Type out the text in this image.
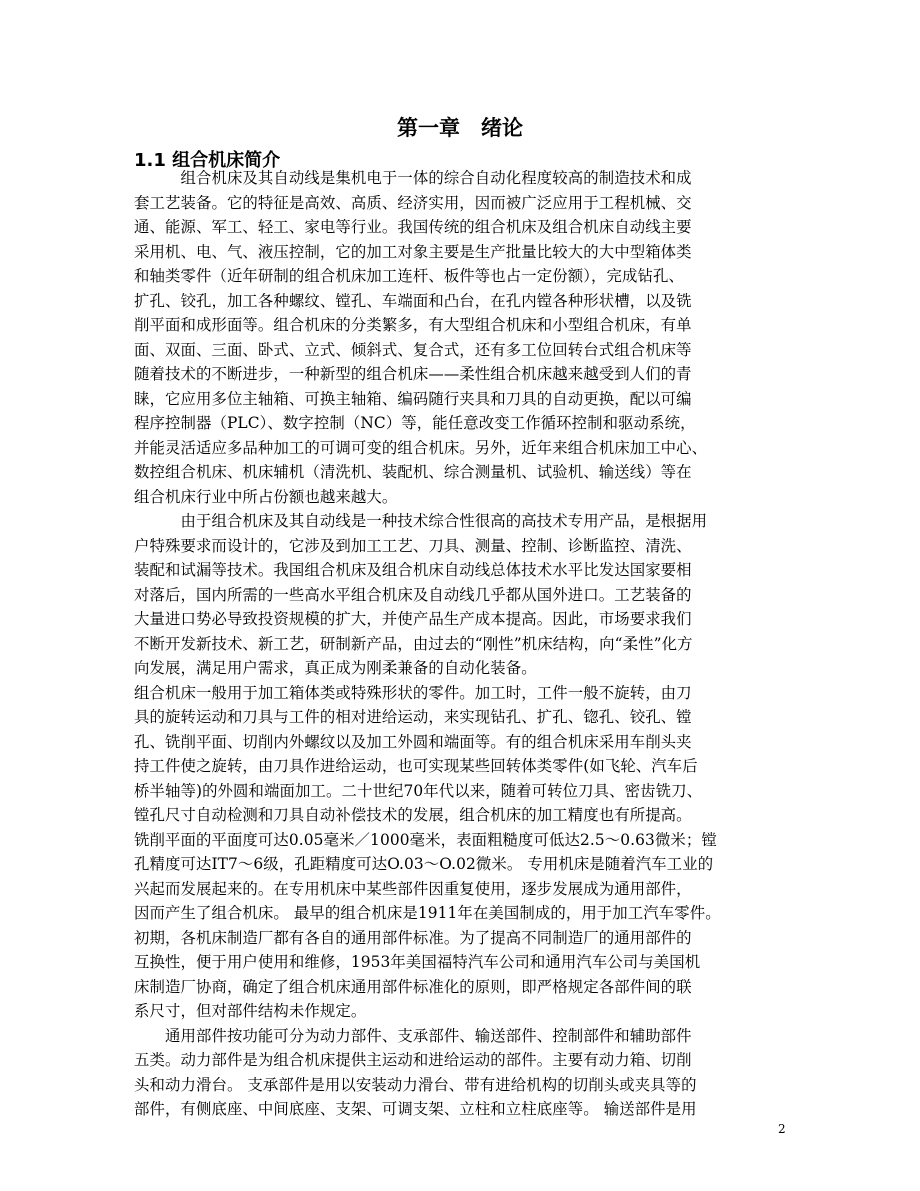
第一章　绪论
1.1 组合机床简介
　　　组合机床及其自动线是集机电于一体的综合自动化程度较高的制造技术和成
套工艺装备。它的特征是高效、高质、经济实用，因而被广泛应用于工程机械、交
通、能源、军工、轻工、家电等行业。我国传统的组合机床及组合机床自动线主要
采用机、电、气、液压控制，它的加工对象主要是生产批量比较大的大中型箱体类
和轴类零件（近年研制的组合机床加工连杆、板件等也占一定份额），完成钻孔、
扩孔、铰孔，加工各种螺纹、镗孔、车端面和凸台，在孔内镗各种形状槽，以及铣
削平面和成形面等。组合机床的分类繁多，有大型组合机床和小型组合机床，有单
面、双面、三面、卧式、立式、倾斜式、复合式，还有多工位回转台式组合机床等
随着技术的不断进步，一种新型的组合机床——柔性组合机床越来越受到人们的青
睐，它应用多位主轴箱、可换主轴箱、编码随行夹具和刀具的自动更换，配以可编
程序控制器（PLC）、数字控制（NC）等，能任意改变工作循环控制和驱动系统，
并能灵活适应多品种加工的可调可变的组合机床。另外，近年来组合机床加工中心、
数控组合机床、机床辅机（清洗机、装配机、综合测量机、试验机、输送线）等在
组合机床行业中所占份额也越来越大。
　　　由于组合机床及其自动线是一种技术综合性很高的高技术专用产品，是根据用
户特殊要求而设计的，它涉及到加工工艺、刀具、测量、控制、诊断监控、清洗、
装配和试漏等技术。我国组合机床及组合机床自动线总体技术水平比发达国家要相
对落后，国内所需的一些高水平组合机床及自动线几乎都从国外进口。工艺装备的
大量进口势必导致投资规模的扩大，并使产品生产成本提高。因此，市场要求我们
不断开发新技术、新工艺，研制新产品，由过去的“刚性”机床结构，向“柔性”化方
向发展，满足用户需求，真正成为刚柔兼备的自动化装备。
组合机床一般用于加工箱体类或特殊形状的零件。加工时，工件一般不旋转，由刀
具的旋转运动和刀具与工件的相对进给运动，来实现钻孔、扩孔、锪孔、铰孔、镗
孔、铣削平面、切削内外螺纹以及加工外圆和端面等。有的组合机床采用车削头夹
持工件使之旋转，由刀具作进给运动，也可实现某些回转体类零件(如飞轮、汽车后
桥半轴等)的外圆和端面加工。二十世纪70年代以来，随着可转位刀具、密齿铣刀、
镗孔尺寸自动检测和刀具自动补偿技术的发展，组合机床的加工精度也有所提高。
铣削平面的平面度可达0.05毫米／1000毫米，表面粗糙度可低达2.5～0.63微米；镗
孔精度可达IT7～6级，孔距精度可达O.03～O.02微米。 专用机床是随着汽车工业的
兴起而发展起来的。在专用机床中某些部件因重复使用，逐步发展成为通用部件，
因而产生了组合机床。 最早的组合机床是1911年在美国制成的，用于加工汽车零件。
初期，各机床制造厂都有各自的通用部件标准。为了提高不同制造厂的通用部件的
互换性，便于用户使用和维修，1953年美国福特汽车公司和通用汽车公司与美国机
床制造厂协商，确定了组合机床通用部件标准化的原则，即严格规定各部件间的联
系尺寸，但对部件结构未作规定。
　　通用部件按功能可分为动力部件、支承部件、输送部件、控制部件和辅助部件
五类。动力部件是为组合机床提供主运动和进给运动的部件。主要有动力箱、切削
头和动力滑台。 支承部件是用以安装动力滑台、带有进给机构的切削头或夹具等的
部件，有侧底座、中间底座、支架、可调支架、立柱和立柱底座等。 输送部件是用
2
